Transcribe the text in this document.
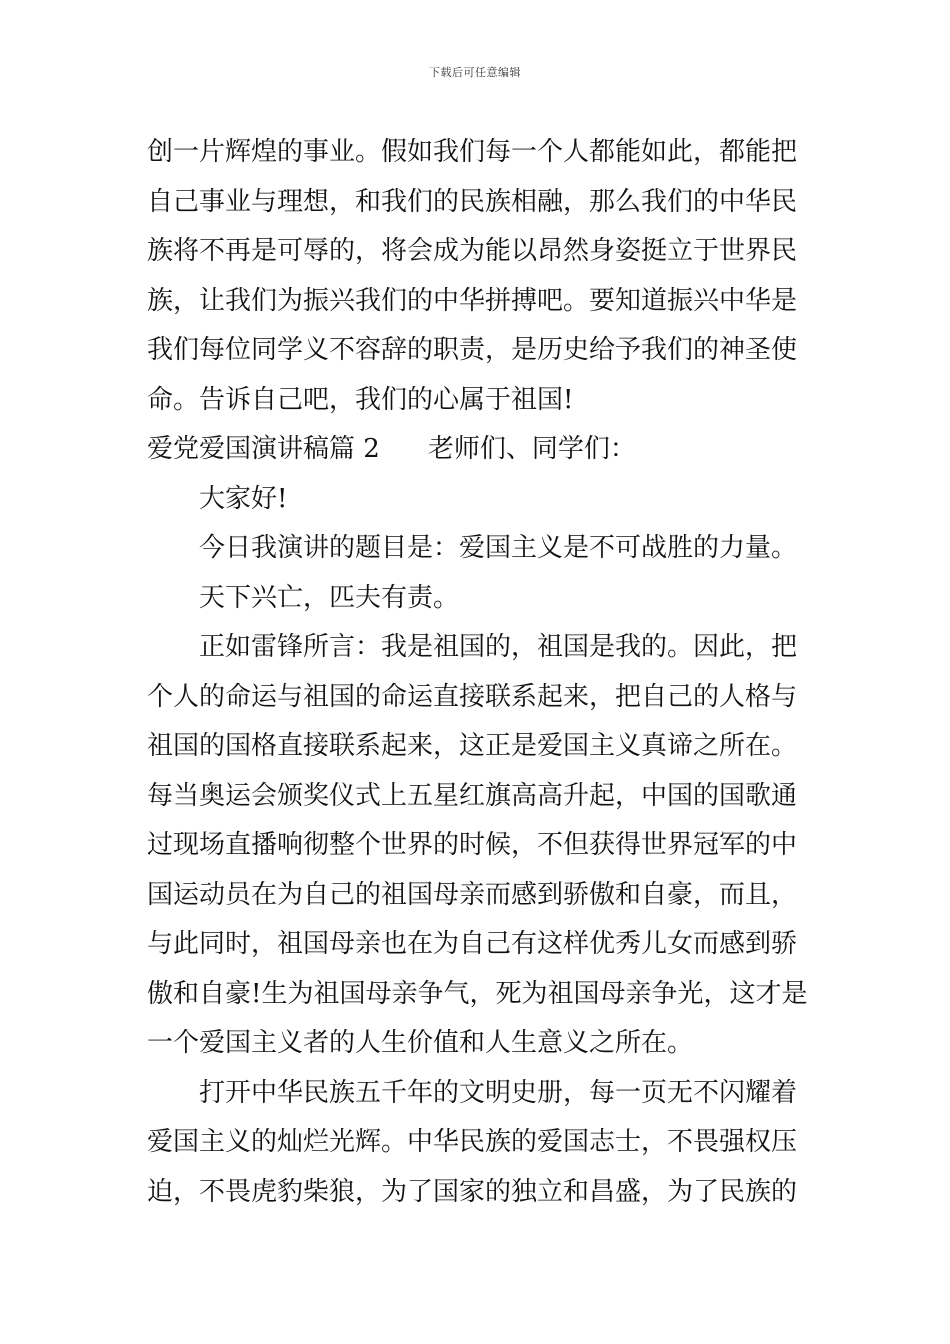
下载后可任意编辑
创一片辉煌的事业。假如我们每一个人都能如此，都能把
自己事业与理想，和我们的民族相融，那么我们的中华民
族将不再是可辱的，将会成为能以昂然身姿挺立于世界民
族，让我们为振兴我们的中华拼搏吧。要知道振兴中华是
我们每位同学义不容辞的职责，是历史给予我们的神圣使
命。告诉自己吧，我们的心属于祖国!
爱党爱国演讲稿篇 2 老师们、同学们：
大家好!
今日我演讲的题目是：爱国主义是不可战胜的力量。
天下兴亡，匹夫有责。
正如雷锋所言：我是祖国的，祖国是我的。因此，把
个人的命运与祖国的命运直接联系起来，把自己的人格与
祖国的国格直接联系起来，这正是爱国主义真谛之所在。
每当奥运会颁奖仪式上五星红旗高高升起，中国的国歌通
过现场直播响彻整个世界的时候，不但获得世界冠军的中
国运动员在为自己的祖国母亲而感到骄傲和自豪，而且，
与此同时，祖国母亲也在为自己有这样优秀儿女而感到骄
傲和自豪!生为祖国母亲争气，死为祖国母亲争光，这才是
一个爱国主义者的人生价值和人生意义之所在。
打开中华民族五千年的文明史册，每一页无不闪耀着
爱国主义的灿烂光辉。中华民族的爱国志士，不畏强权压
迫，不畏虎豹柴狼，为了国家的独立和昌盛，为了民族的
